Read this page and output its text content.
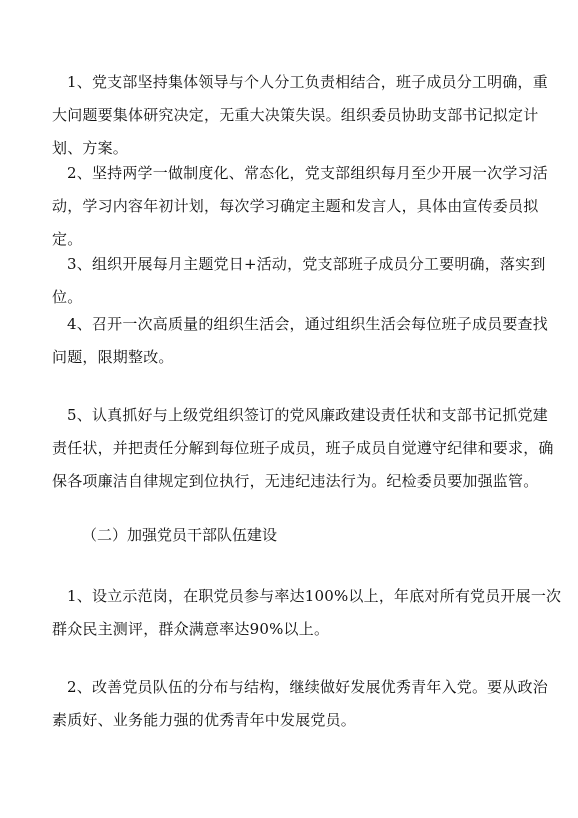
1、党支部坚持集体领导与个人分工负责相结合，班子成员分工明确，重大问题要集体研究决定，无重大决策失误。组织委员协助支部书记拟定计划、方案。

2、坚持两学一做制度化、常态化，党支部组织每月至少开展一次学习活动，学习内容年初计划，每次学习确定主题和发言人，具体由宣传委员拟定。

3、组织开展每月主题党日+活动，党支部班子成员分工要明确，落实到位。

4、召开一次高质量的组织生活会，通过组织生活会每位班子成员要查找问题，限期整改。

5、认真抓好与上级党组织签订的党风廉政建设责任状和支部书记抓党建责任状，并把责任分解到每位班子成员，班子成员自觉遵守纪律和要求，确保各项廉洁自律规定到位执行，无违纪违法行为。纪检委员要加强监管。

（二）加强党员干部队伍建设

1、设立示范岗，在职党员参与率达100%以上，年底对所有党员开展一次群众民主测评，群众满意率达90%以上。

2、改善党员队伍的分布与结构，继续做好发展优秀青年入党。要从政治素质好、业务能力强的优秀青年中发展党员。
